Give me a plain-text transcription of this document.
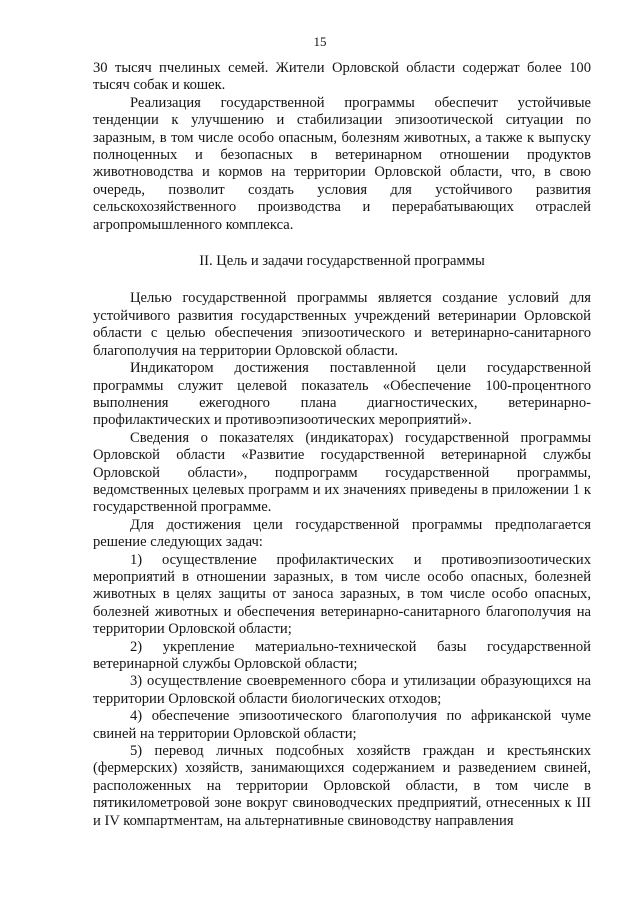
15

30 тысяч пчелиных семей. Жители Орловской области содержат более 100 тысяч собак и кошек.

Реализация государственной программы обеспечит устойчивые тенденции к улучшению и стабилизации эпизоотической ситуации по заразным, в том числе особо опасным, болезням животных, а также к выпуску полноценных и безопасных в ветеринарном отношении продуктов животноводства и кормов на территории Орловской области, что, в свою очередь, позволит создать условия для устойчивого развития сельскохозяйственного производства и перерабатывающих отраслей агропромышленного комплекса.

II. Цель и задачи государственной программы

Целью государственной программы является создание условий для устойчивого развития государственных учреждений ветеринарии Орловской области с целью обеспечения эпизоотического и ветеринарно-санитарного благополучия на территории Орловской области.

Индикатором достижения поставленной цели государственной программы служит целевой показатель «Обеспечение 100-процентного выполнения ежегодного плана диагностических, ветеринарно-профилактических и противоэпизоотических мероприятий».

Сведения о показателях (индикаторах) государственной программы Орловской области «Развитие государственной ветеринарной службы Орловской области», подпрограмм государственной программы, ведомственных целевых программ и их значениях приведены в приложении 1 к государственной программе.

Для достижения цели государственной программы предполагается решение следующих задач:

1) осуществление профилактических и противоэпизоотических мероприятий в отношении заразных, в том числе особо опасных, болезней животных в целях защиты от заноса заразных, в том числе особо опасных, болезней животных и обеспечения ветеринарно-санитарного благополучия на территории Орловской области;

2) укрепление материально-технической базы государственной ветеринарной службы Орловской области;

3) осуществление своевременного сбора и утилизации образующихся на территории Орловской области биологических отходов;

4) обеспечение эпизоотического благополучия по африканской чуме свиней на территории Орловской области;

5) перевод личных подсобных хозяйств граждан и крестьянских (фермерских) хозяйств, занимающихся содержанием и разведением свиней, расположенных на территории Орловской области, в том числе в пятикилометровой зоне вокруг свиноводческих предприятий, отнесенных к III и IV компартментам, на альтернативные свиноводству направления
